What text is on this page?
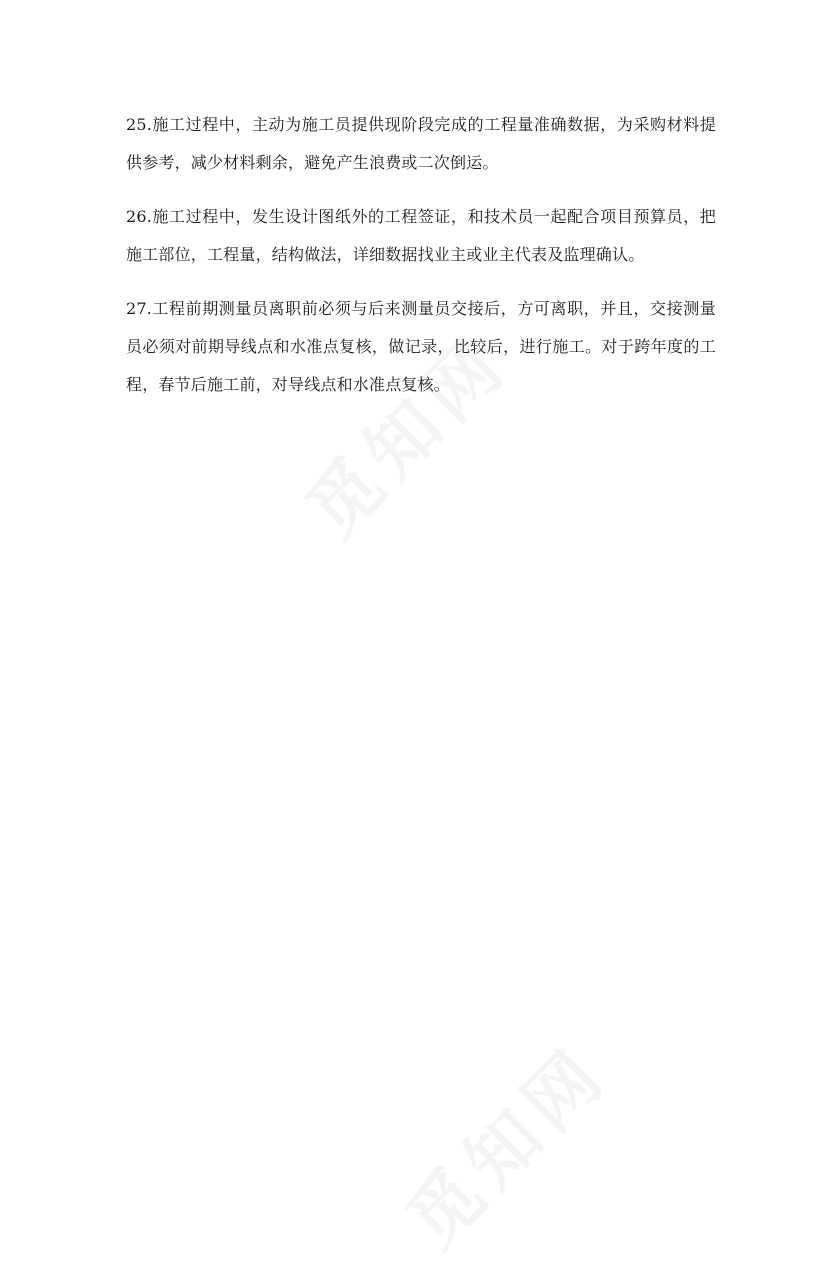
25.施工过程中，主动为施工员提供现阶段完成的工程量准确数据，为采购材料提供参考，减少材料剩余，避免产生浪费或二次倒运。

26.施工过程中，发生设计图纸外的工程签证，和技术员一起配合项目预算员，把施工部位，工程量，结构做法，详细数据找业主或业主代表及监理确认。

27.工程前期测量员离职前必须与后来测量员交接后，方可离职，并且，交接测量员必须对前期导线点和水准点复核，做记录，比较后，进行施工。对于跨年度的工程，春节后施工前，对导线点和水准点复核。
